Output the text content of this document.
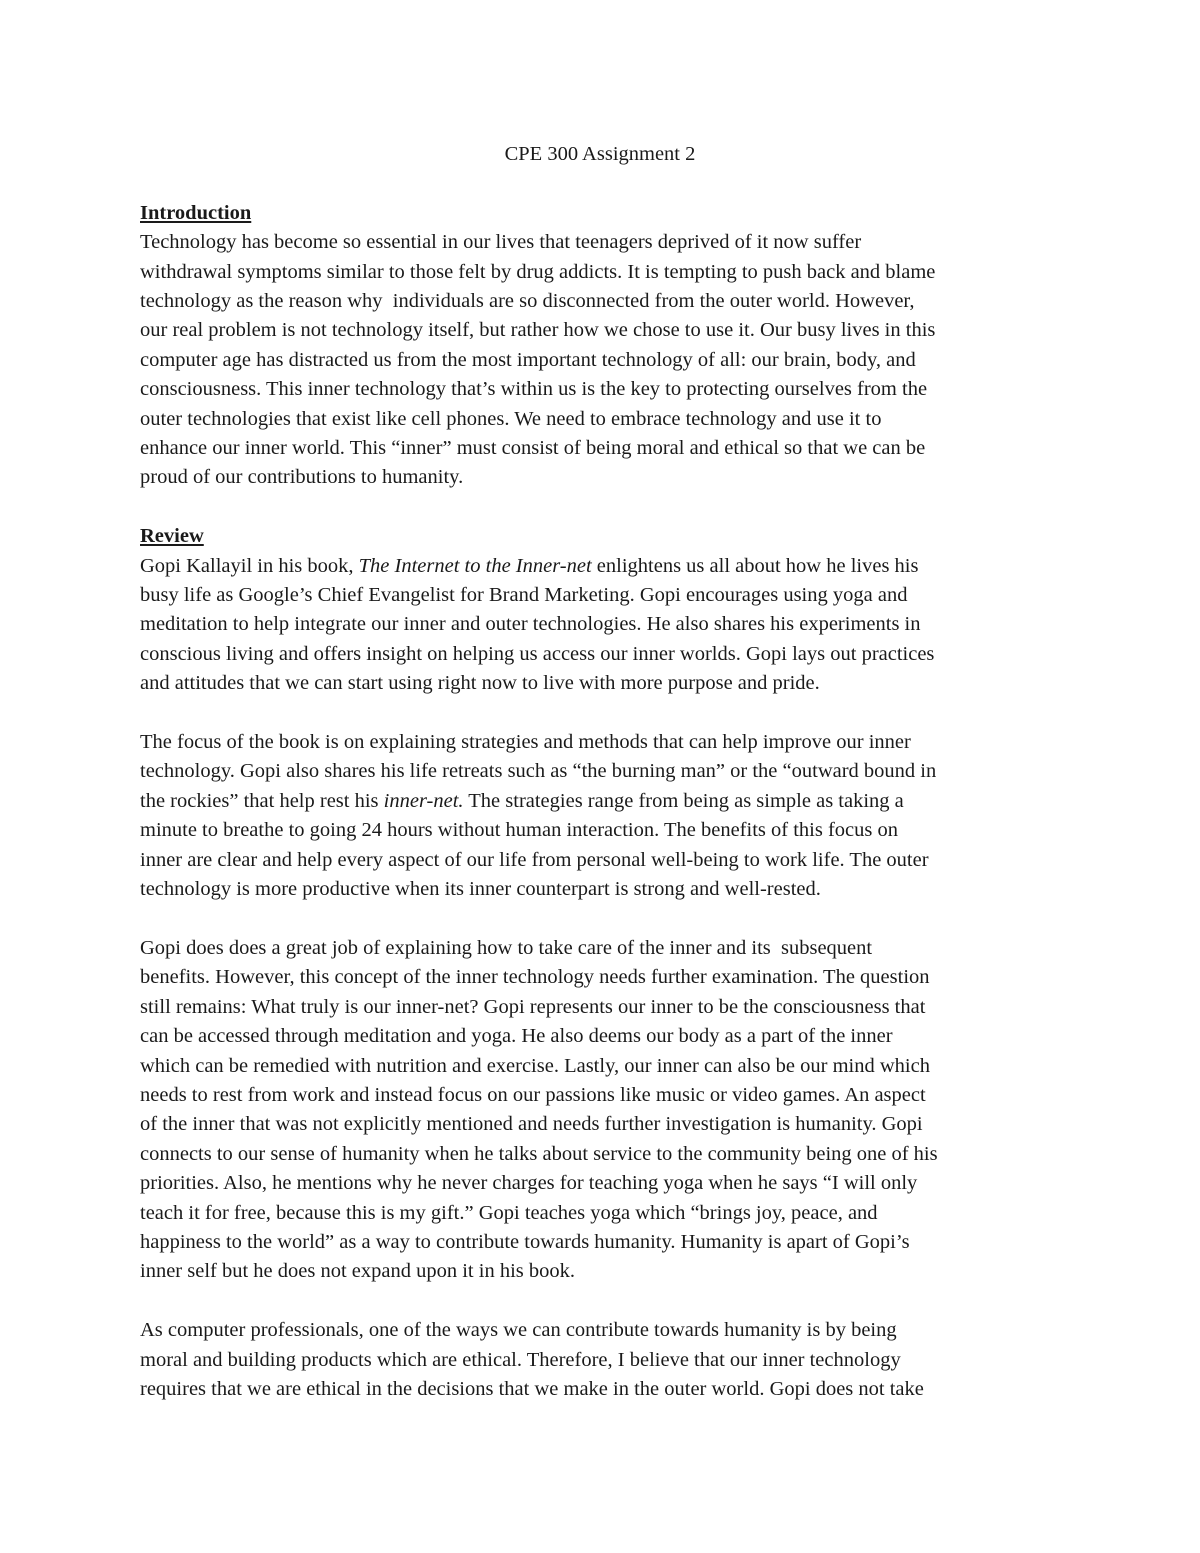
CPE 300 Assignment 2
Introduction
Technology has become so essential in our lives that teenagers deprived of it now suffer
withdrawal symptoms similar to those felt by drug addicts. It is tempting to push back and blame
technology as the reason why  individuals are so disconnected from the outer world. However,
our real problem is not technology itself, but rather how we chose to use it. Our busy lives in this
computer age has distracted us from the most important technology of all: our brain, body, and
consciousness. This inner technology that’s within us is the key to protecting ourselves from the
outer technologies that exist like cell phones. We need to embrace technology and use it to
enhance our inner world. This “inner” must consist of being moral and ethical so that we can be
proud of our contributions to humanity.
Review
Gopi Kallayil in his book, The Internet to the Inner-net enlightens us all about how he lives his
busy life as Google’s Chief Evangelist for Brand Marketing. Gopi encourages using yoga and
meditation to help integrate our inner and outer technologies. He also shares his experiments in
conscious living and offers insight on helping us access our inner worlds. Gopi lays out practices
and attitudes that we can start using right now to live with more purpose and pride.
The focus of the book is on explaining strategies and methods that can help improve our inner
technology. Gopi also shares his life retreats such as “the burning man” or the “outward bound in
the rockies” that help rest his inner-net. The strategies range from being as simple as taking a
minute to breathe to going 24 hours without human interaction. The benefits of this focus on
inner are clear and help every aspect of our life from personal well-being to work life. The outer
technology is more productive when its inner counterpart is strong and well-rested.
Gopi does does a great job of explaining how to take care of the inner and its  subsequent
benefits. However, this concept of the inner technology needs further examination. The question
still remains: What truly is our inner-net? Gopi represents our inner to be the consciousness that
can be accessed through meditation and yoga. He also deems our body as a part of the inner
which can be remedied with nutrition and exercise. Lastly, our inner can also be our mind which
needs to rest from work and instead focus on our passions like music or video games. An aspect
of the inner that was not explicitly mentioned and needs further investigation is humanity. Gopi
connects to our sense of humanity when he talks about service to the community being one of his
priorities. Also, he mentions why he never charges for teaching yoga when he says “I will only
teach it for free, because this is my gift.” Gopi teaches yoga which “brings joy, peace, and
happiness to the world” as a way to contribute towards humanity. Humanity is apart of Gopi’s
inner self but he does not expand upon it in his book.
As computer professionals, one of the ways we can contribute towards humanity is by being
moral and building products which are ethical. Therefore, I believe that our inner technology
requires that we are ethical in the decisions that we make in the outer world. Gopi does not take
